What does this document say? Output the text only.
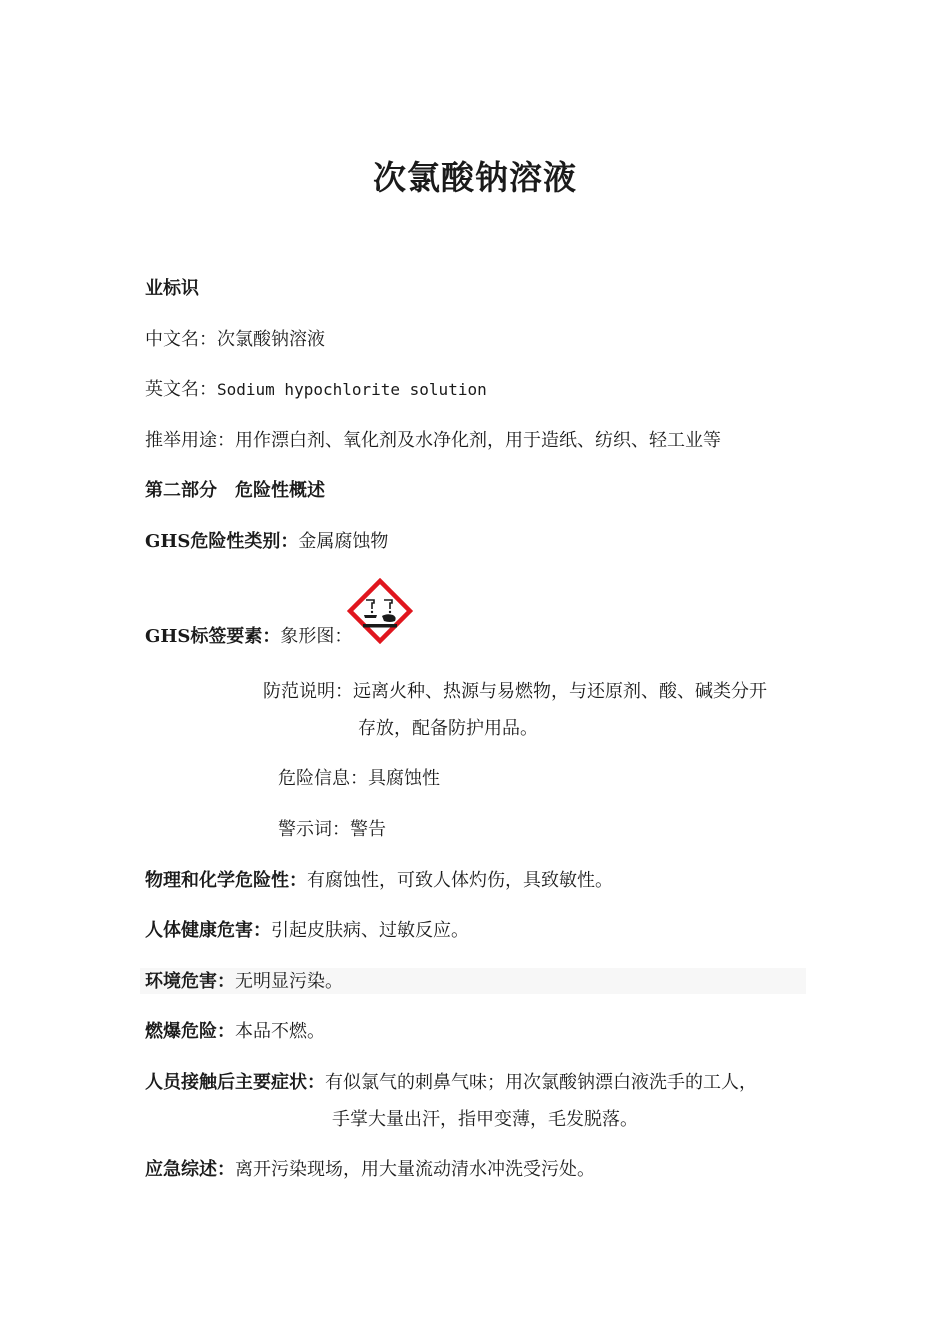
次氯酸钠溶液
业标识
中文名：次氯酸钠溶液
英文名：Sodium hypochlorite solution
推举用途：用作漂白剂、氧化剂及水净化剂，用于造纸、纺织、轻工业等
第二部分　危险性概述
GHS危险性类别：金属腐蚀物
GHS标签要素：象形图：
防范说明：远离火种、热源与易燃物，与还原剂、酸、碱类分开
存放，配备防护用品。
危险信息：具腐蚀性
警示词：警告
物理和化学危险性：有腐蚀性，可致人体灼伤，具致敏性。
人体健康危害：引起皮肤病、过敏反应。
环境危害：无明显污染。
燃爆危险：本品不燃。
人员接触后主要症状：有似氯气的刺鼻气味；用次氯酸钠漂白液洗手的工人，
手掌大量出汗，指甲变薄，毛发脱落。
应急综述：离开污染现场，用大量流动清水冲洗受污处。
